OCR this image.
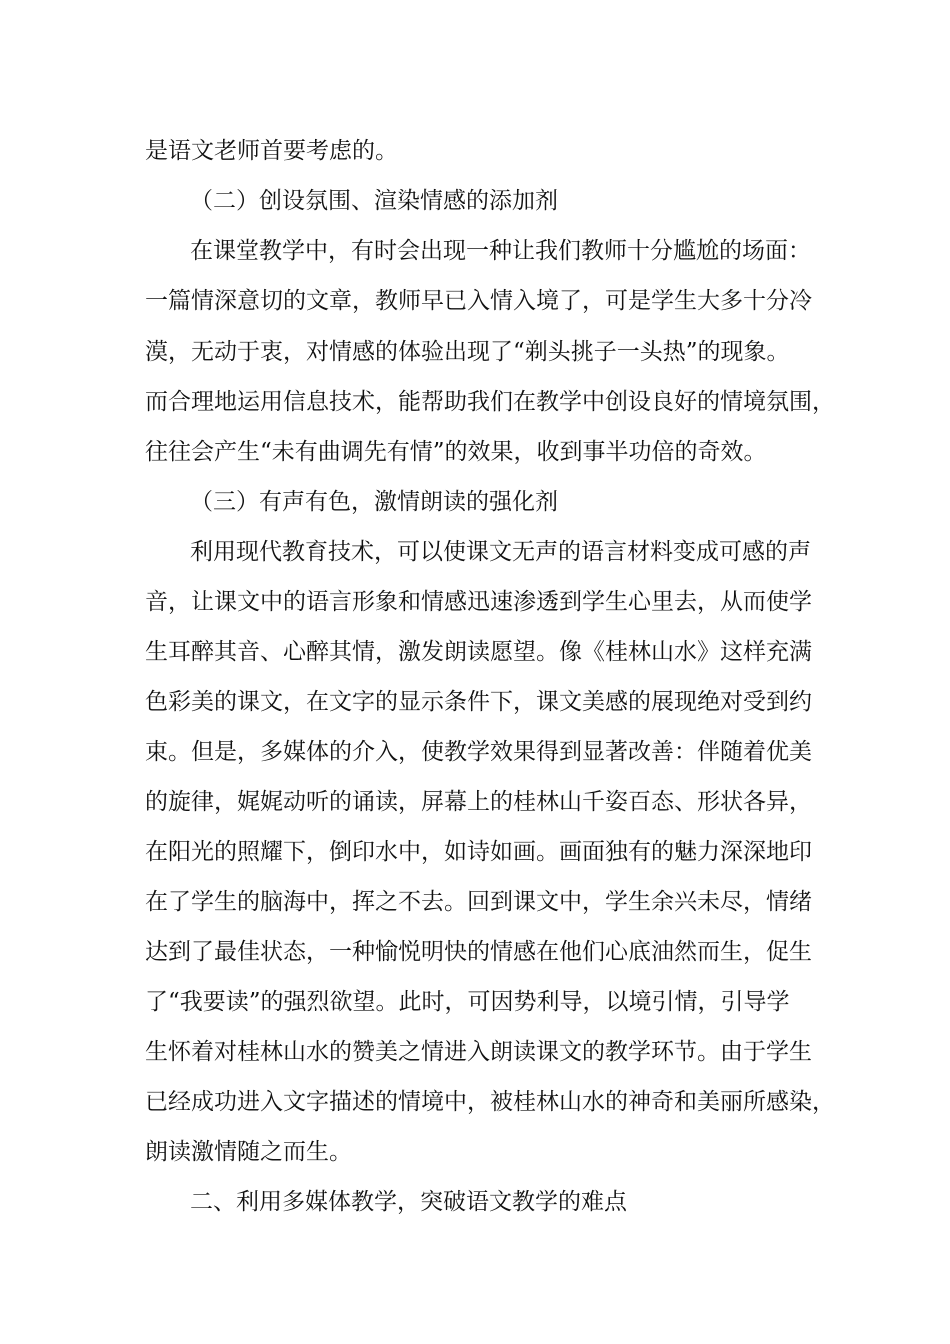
是语文老师首要考虑的。
（二）创设氛围、渲染情感的添加剂
在课堂教学中，有时会出现一种让我们教师十分尴尬的场面：
一篇情深意切的文章，教师早已入情入境了，可是学生大多十分冷
漠，无动于衷，对情感的体验出现了“剃头挑子一头热”的现象。
而合理地运用信息技术，能帮助我们在教学中创设良好的情境氛围，
往往会产生“未有曲调先有情”的效果，收到事半功倍的奇效。
（三）有声有色，激情朗读的强化剂
利用现代教育技术，可以使课文无声的语言材料变成可感的声
音，让课文中的语言形象和情感迅速渗透到学生心里去，从而使学
生耳醉其音、心醉其情，激发朗读愿望。像《桂林山水》这样充满
色彩美的课文，在文字的显示条件下，课文美感的展现绝对受到约
束。但是，多媒体的介入，使教学效果得到显著改善：伴随着优美
的旋律，娓娓动听的诵读，屏幕上的桂林山千姿百态、形状各异，
在阳光的照耀下，倒印水中，如诗如画。画面独有的魅力深深地印
在了学生的脑海中，挥之不去。回到课文中，学生余兴未尽，情绪
达到了最佳状态，一种愉悦明快的情感在他们心底油然而生，促生
了“我要读”的强烈欲望。此时，可因势利导，以境引情，引导学
生怀着对桂林山水的赞美之情进入朗读课文的教学环节。由于学生
已经成功进入文字描述的情境中，被桂林山水的神奇和美丽所感染，
朗读激情随之而生。
二、利用多媒体教学，突破语文教学的难点
